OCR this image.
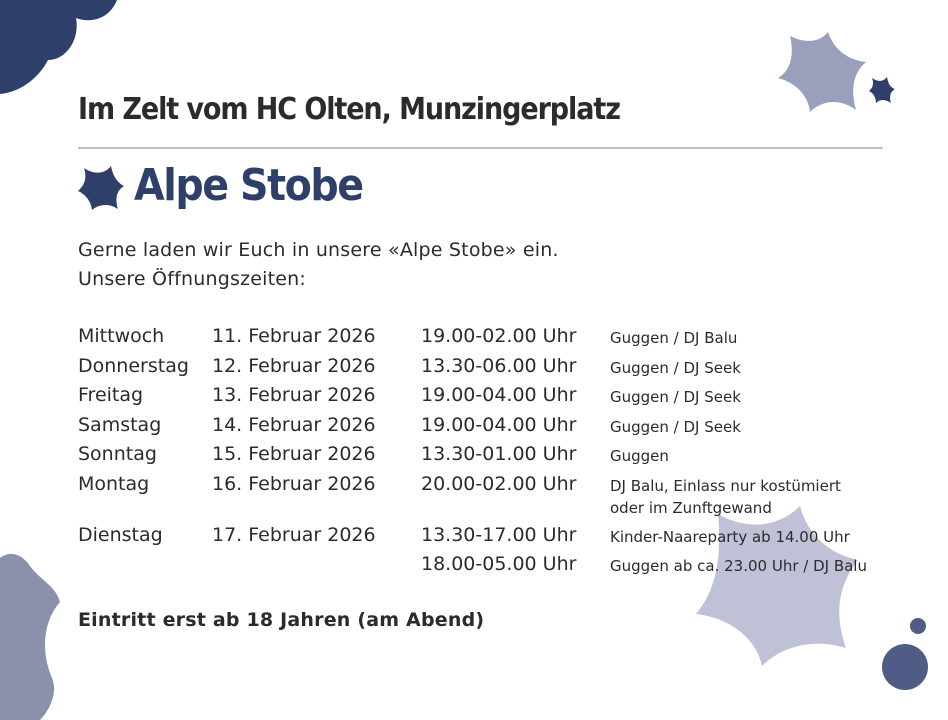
Im Zelt vom HC Olten, Munzingerplatz
Alpe Stobe

Gerne laden wir Euch in unsere «Alpe Stobe» ein.

Unsere Öffnungszeiten:

Mittwoch	11. Februar 2026 19.00-02.00 Uhr Guggen / DJ Balu
Donnerstag 12. Februar 2026 13.30-06.00 Uhr Guggen / DJ Seek
Freitag	13. Februar 2026 19.00-04.00 Uhr Guggen / DJ Seek
Samstag	14. Februar 2026 19.00-04.00 Uhr Guggen / DJ Seek
Sonntag	15. Februar 2026 13.30-01.00 Uhr Guggen
Montag	16. Februar 2026 20.00-02.00 Uhr DJ Balu, Einlass nur kostümiert
oder im Zunftgewand
Dienstag	17. Februar 2026 13.30-17.00 Uhr Kinder-Naareparty ab 14.00 Uhr
18.00-05.00 Uhr Guggen ab ca. 23.00 Uhr / DJ Balu

Eintritt erst ab 18 Jahren (am Abend)
